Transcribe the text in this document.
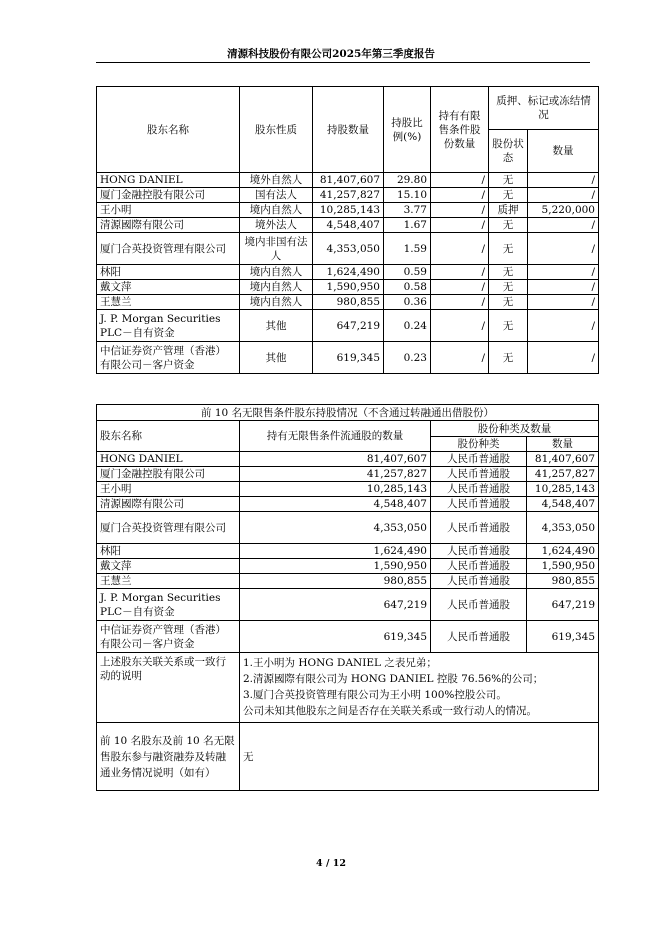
清源科技股份有限公司2025年第三季度报告
股东名称	股东性质	持股数量	持股比例(%)	持有有限售条件股份数量	质押、标记或冻结情况	
					股份状态	数量
HONG DANIEL	境外自然人	81,407,607	29.80	/	无	/
厦门金融控股有限公司	国有法人	41,257,827	15.10	/	无	/
王小明	境内自然人	10,285,143	3.77	/	质押	5,220,000
清源國際有限公司	境外法人	4,548,407	1.67	/	无	/
厦门合英投资管理有限公司	境内非国有法人	4,353,050	1.59	/	无	/
林阳	境内自然人	1,624,490	0.59	/	无	/
戴文萍	境内自然人	1,590,950	0.58	/	无	/
王慧兰	境内自然人	980,855	0.36	/	无	/
J. P. Morgan Securities PLC－自有资金	其他	647,219	0.24	/	无	/
中信证券资产管理（香港）有限公司－客户资金	其他	619,345	0.23	/	无	/
前 10 名无限售条件股东持股情况（不含通过转融通出借股份）			
股东名称	持有无限售条件流通股的数量	股份种类及数量	
		股份种类	数量
HONG DANIEL	81,407,607	人民币普通股	81,407,607
厦门金融控股有限公司	41,257,827	人民币普通股	41,257,827
王小明	10,285,143	人民币普通股	10,285,143
清源國際有限公司	4,548,407	人民币普通股	4,548,407
厦门合英投资管理有限公司	4,353,050	人民币普通股	4,353,050
林阳	1,624,490	人民币普通股	1,624,490
戴文萍	1,590,950	人民币普通股	1,590,950
王慧兰	980,855	人民币普通股	980,855
J. P. Morgan Securities PLC－自有资金	647,219	人民币普通股	647,219
中信证券资产管理（香港）有限公司－客户资金	619,345	人民币普通股	619,345
上述股东关联关系或一致行动的说明	1.王小明为 HONG DANIEL 之表兄弟；
2.清源國際有限公司为 HONG DANIEL 控股 76.56%的公司；
3.厦门合英投资管理有限公司为王小明 100%控股公司。
公司未知其他股东之间是否存在关联关系或一致行动人的情况。		

前 10 名股东及前 10 名无限售股东参与融资融券及转融通业务情况说明（如有）	无		
4 / 12
